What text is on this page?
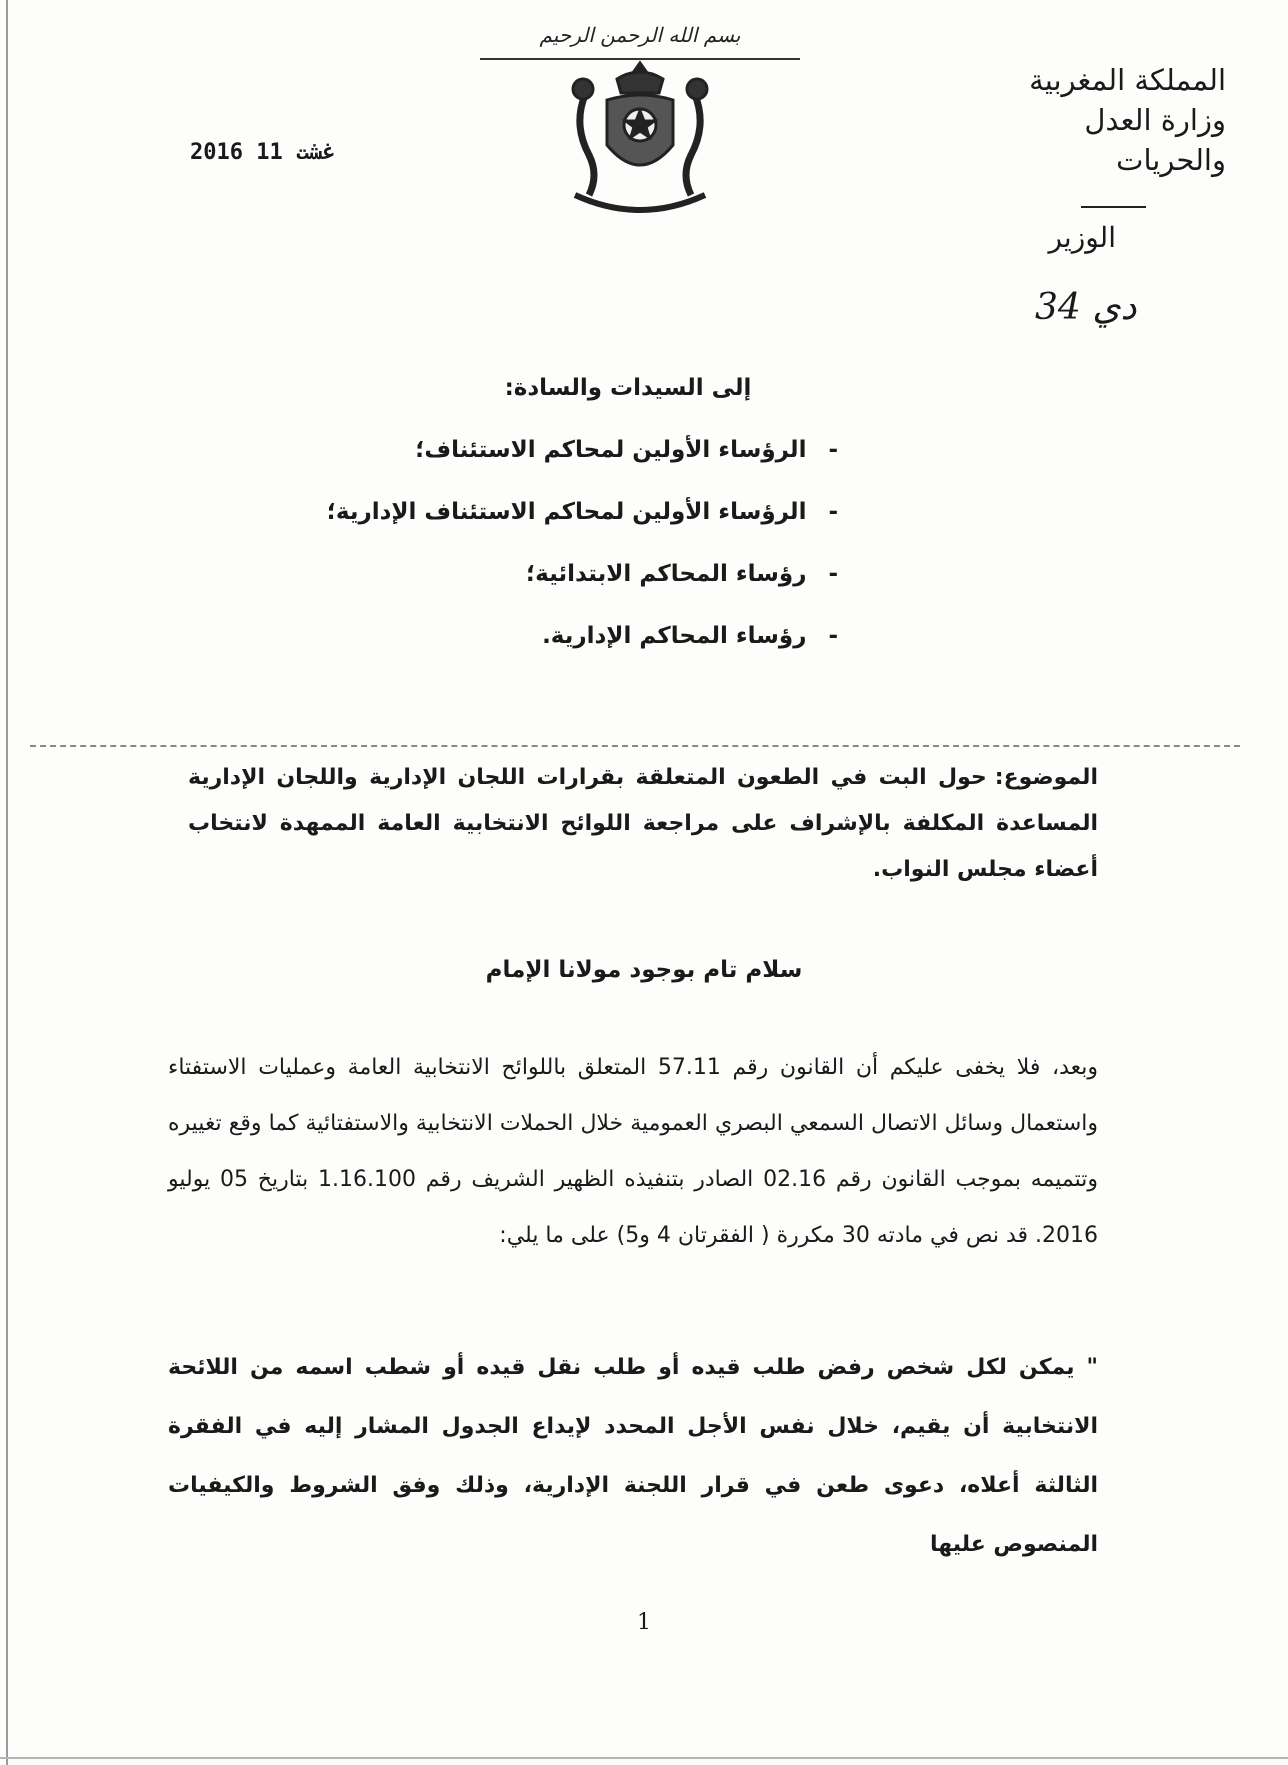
بسم الله الرحمن الرحيم
المملكة المغربية
وزارة العدل والحريات
الوزير
2016 غشت 11
34 دي
إلى السيدات والسادة:
-الرؤساء الأولين لمحاكم الاستئناف؛
-الرؤساء الأولين لمحاكم الاستئناف الإدارية؛
-رؤساء المحاكم الابتدائية؛
-رؤساء المحاكم الإدارية.
الموضوع:حول البت في الطعون المتعلقة بقرارات اللجان الإدارية واللجان الإدارية المساعدة المكلفة بالإشراف على مراجعة اللوائح الانتخابية العامة الممهدة لانتخاب أعضاء مجلس النواب.
سلام تام بوجود مولانا الإمام

وبعد، فلا يخفى عليكم أن القانون رقم 57.11 المتعلق باللوائح الانتخابية العامة وعمليات الاستفتاء واستعمال وسائل الاتصال السمعي البصري العمومية خلال الحملات الانتخابية والاستفتائية كما وقع تغييره وتتميمه بموجب القانون رقم 02.16 الصادر بتنفيذه الظهير الشريف رقم 1.16.100 بتاريخ 05 يوليو 2016. قد نص في مادته 30 مكررة ( الفقرتان 4 و5) على ما يلي:

" يمكن لكل شخص رفض طلب قيده أو طلب نقل قيده أو شطب اسمه من اللائحة الانتخابية أن يقيم، خلال نفس الأجل المحدد لإيداع الجدول المشار إليه في الفقرة الثالثة أعلاه، دعوى طعن في قرار اللجنة الإدارية، وذلك وفق الشروط والكيفيات المنصوص عليها
1
